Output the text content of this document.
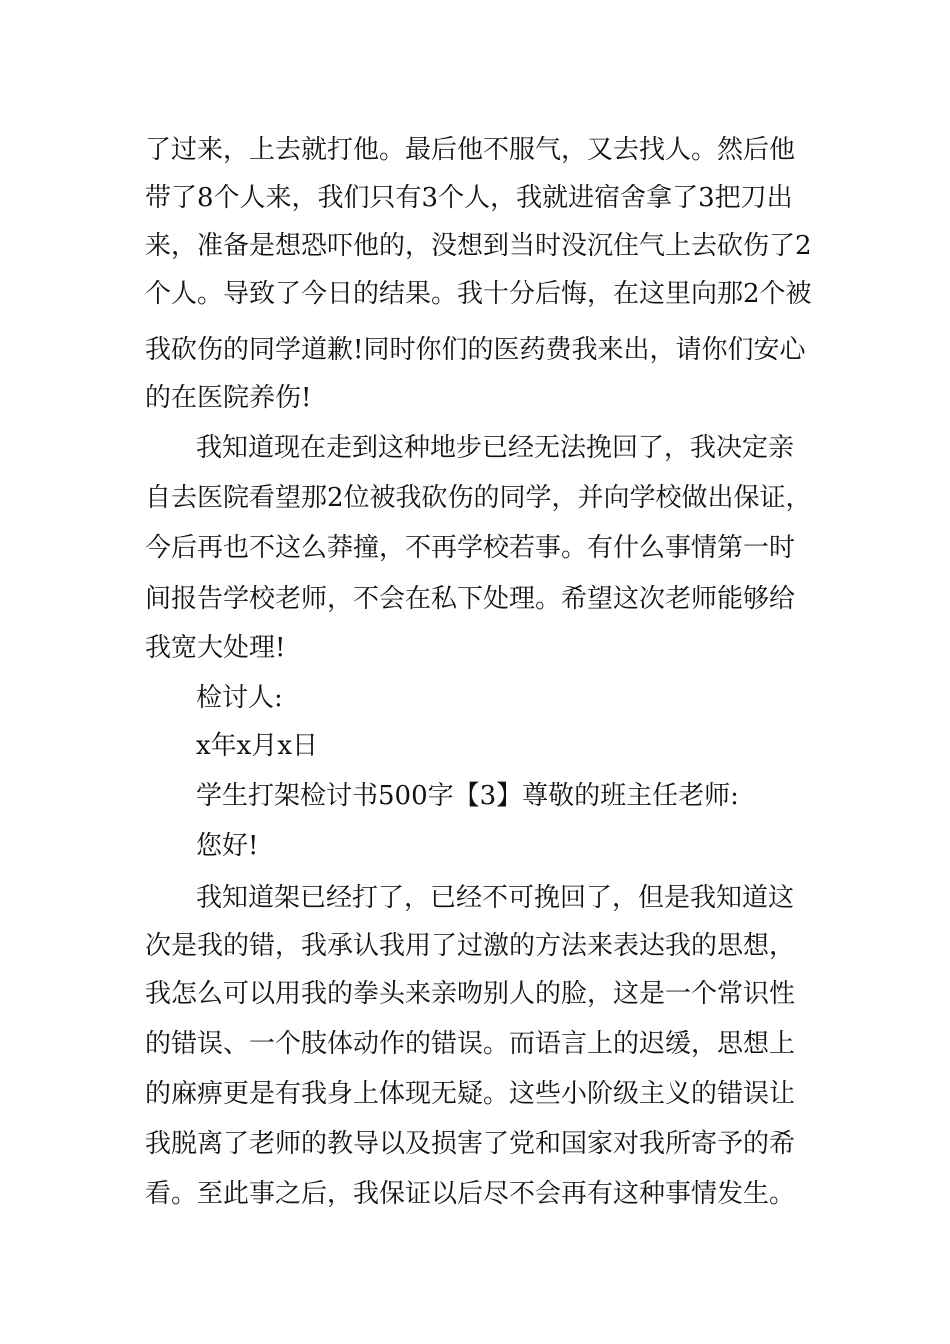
了过来，上去就打他。最后他不服气，又去找人。然后他
带了8个人来，我们只有3个人，我就进宿舍拿了3把刀出
来，准备是想恐吓他的，没想到当时没沉住气上去砍伤了2
个人。导致了今日的结果。我十分后悔，在这里向那2个被
我砍伤的同学道歉!同时你们的医药费我来出，请你们安心
的在医院养伤!
我知道现在走到这种地步已经无法挽回了，我决定亲
自去医院看望那2位被我砍伤的同学，并向学校做出保证，
今后再也不这么莽撞，不再学校若事。有什么事情第一时
间报告学校老师，不会在私下处理。希望这次老师能够给
我宽大处理!
检讨人:
x年x月x日
学生打架检讨书500字【3】尊敬的班主任老师:
您好!
我知道架已经打了，已经不可挽回了，但是我知道这
次是我的错，我承认我用了过激的方法来表达我的思想，
我怎么可以用我的拳头来亲吻别人的脸，这是一个常识性
的错误、一个肢体动作的错误。而语言上的迟缓，思想上
的麻痹更是有我身上体现无疑。这些小阶级主义的错误让
我脱离了老师的教导以及损害了党和国家对我所寄予的希
看。至此事之后，我保证以后尽不会再有这种事情发生。
